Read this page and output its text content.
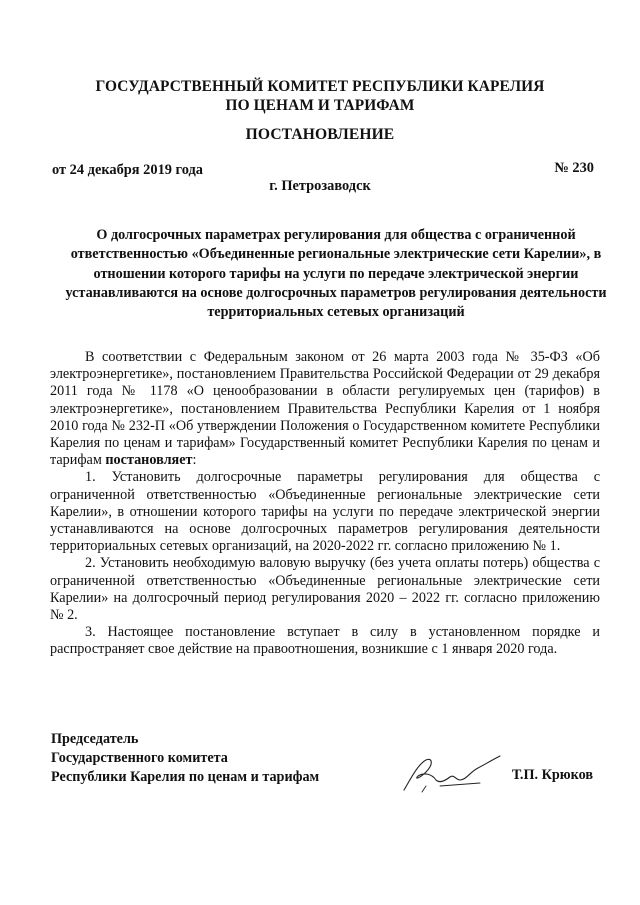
ГОСУДАРСТВЕННЫЙ КОМИТЕТ РЕСПУБЛИКИ КАРЕЛИЯ
ПО ЦЕНАМ И ТАРИФАМ
ПОСТАНОВЛЕНИЕ
от 24 декабря 2019 года	№ 230
г. Петрозаводск
О долгосрочных параметрах регулирования для общества с ограниченной ответственностью «Объединенные региональные электрические сети Карелии», в отношении которого тарифы на услуги по передаче электрической энергии устанавливаются на основе долгосрочных параметров регулирования деятельности территориальных сетевых организаций

В соответствии с Федеральным законом от 26 марта 2003 года № 35-ФЗ «Об электроэнергетике», постановлением Правительства Российской Федерации от 29 декабря 2011 года № 1178 «О ценообразовании в области регулируемых цен (тарифов) в электроэнергетике», постановлением Правительства Республики Карелия от 1 ноября 2010 года № 232-П «Об утверждении Положения о Государственном комитете Республики Карелия по ценам и тарифам» Государственный комитет Республики Карелия по ценам и тарифам постановляет:

1. Установить долгосрочные параметры регулирования для общества с ограниченной ответственностью «Объединенные региональные электрические сети Карелии», в отношении которого тарифы на услуги по передаче электрической энергии устанавливаются на основе долгосрочных параметров регулирования деятельности территориальных сетевых организаций, на 2020-2022 гг. согласно приложению № 1.

2. Установить необходимую валовую выручку (без учета оплаты потерь) общества с ограниченной ответственностью «Объединенные региональные электрические сети Карелии» на долгосрочный период регулирования 2020 – 2022 гг. согласно приложению № 2.

3. Настоящее постановление вступает в силу в установленном порядке и распространяет свое действие на правоотношения, возникшие с 1 января 2020 года.

Председатель
Государственного комитета
Республики Карелия по ценам и тарифам	Т.П. Крюков
